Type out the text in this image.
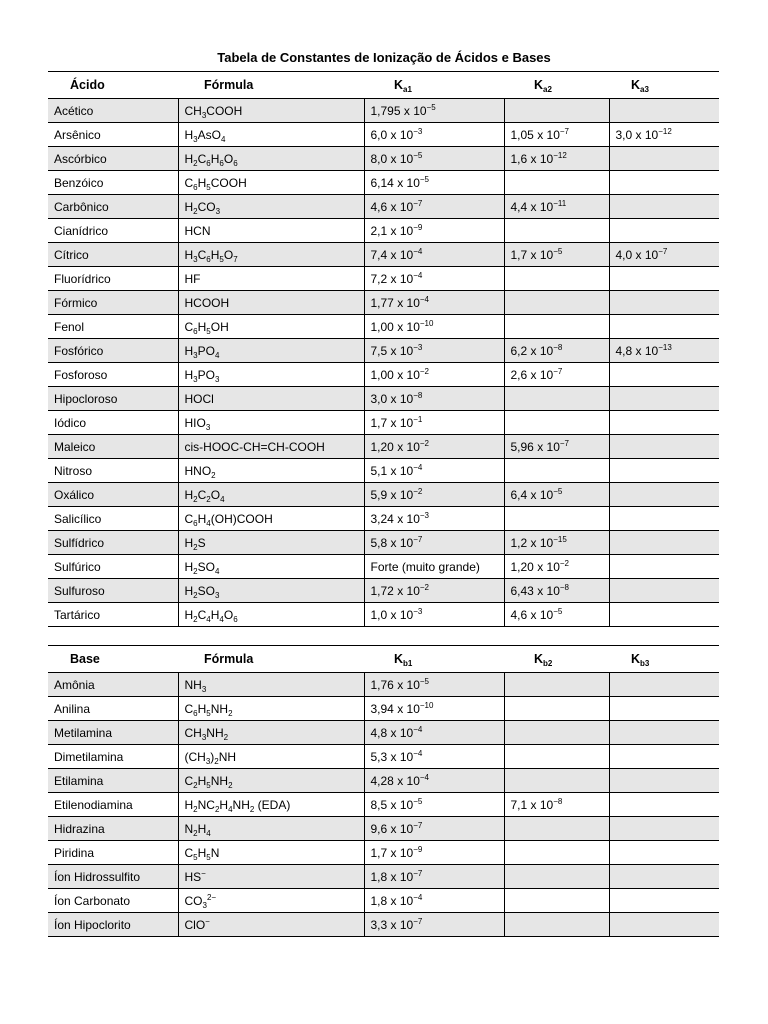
Tabela de Constantes de Ionização de Ácidos e Bases
Ácido	Fórmula	$K_{a1}$	$K_{a2}$	$K_{a3}$
Acético	$CH_3COOH$	1,795 x $10^{-5}$		
Arsênico	$H_3AsO_4$	6,0 x $10^{-3}$	1,05 x $10^{-7}$	3,0 x $10^{-12}$
Ascórbico	$H_2C_6H_6O_6$	8,0 x $10^{-5}$	1,6 x $10^{-12}$	
Benzóico	$C_6H_5COOH$	6,14 x $10^{-5}$		
Carbônico	$H_2CO_3$	4,6 x $10^{-7}$	4,4 x $10^{-11}$	
Cianídrico	HCN	2,1 x $10^{-9}$		
Cítrico	$H_3C_6H_5O_7$	7,4 x $10^{-4}$	1,7 x $10^{-5}$	4,0 x $10^{-7}$
Fluorídrico	HF	7,2 x $10^{-4}$		
Fórmico	HCOOH	1,77 x $10^{-4}$		
Fenol	$C_6H_5OH$	1,00 x $10^{-10}$		
Fosfórico	$H_3PO_4$	7,5 x $10^{-3}$	6,2 x $10^{-8}$	4,8 x $10^{-13}$
Fosforoso	$H_3PO_3$	1,00 x $10^{-2}$	2,6 x $10^{-7}$	
Hipocloroso	HOCl	3,0 x $10^{-8}$		
Iódico	$HIO_3$	1,7 x $10^{-1}$		
Maleico	cis-HOOC-CH=CH-COOH	1,20 x $10^{-2}$	5,96 x $10^{-7}$	
Nitroso	$HNO_2$	5,1 x $10^{-4}$		
Oxálico	$H_2C_2O_4$	5,9 x $10^{-2}$	6,4 x $10^{-5}$	
Salicílico	$C_6H_4(OH)COOH$	3,24 x $10^{-3}$		
Sulfídrico	$H_2S$	5,8 x $10^{-7}$	1,2 x $10^{-15}$	
Sulfúrico	$H_2SO_4$	Forte (muito grande)	1,20 x $10^{-2}$	
Sulfuroso	$H_2SO_3$	1,72 x $10^{-2}$	6,43 x $10^{-8}$	
Tartárico	$H_2C_4H_4O_6$	1,0 x $10^{-3}$	4,6 x $10^{-5}$	
Base	Fórmula	$K_{b1}$	$K_{b2}$	$K_{b3}$
Amônia	$NH_3$	1,76 x $10^{-5}$		
Anilina	$C_6H_5NH_2$	3,94 x $10^{-10}$		
Metilamina	$CH_3NH_2$	4,8 x $10^{-4}$		
Dimetilamina	$(CH_3)_2NH$	5,3 x $10^{-4}$		
Etilamina	$C_2H_5NH_2$	4,28 x $10^{-4}$		
Etilenodiamina	$H_2NC_2H_4NH_2$ (EDA)	8,5 x $10^{-5}$	7,1 x $10^{-8}$	
Hidrazina	$N_2H_4$	9,6 x $10^{-7}$		
Piridina	$C_5H_5N$	1,7 x $10^{-9}$		
Íon Hidrossulfito	HS−	1,8 x $10^{-7}$		
Íon Carbonato	$CO_3^{2-}$	1,8 x $10^{-4}$		
Íon Hipoclorito	ClO−	3,3 x $10^{-7}$		
